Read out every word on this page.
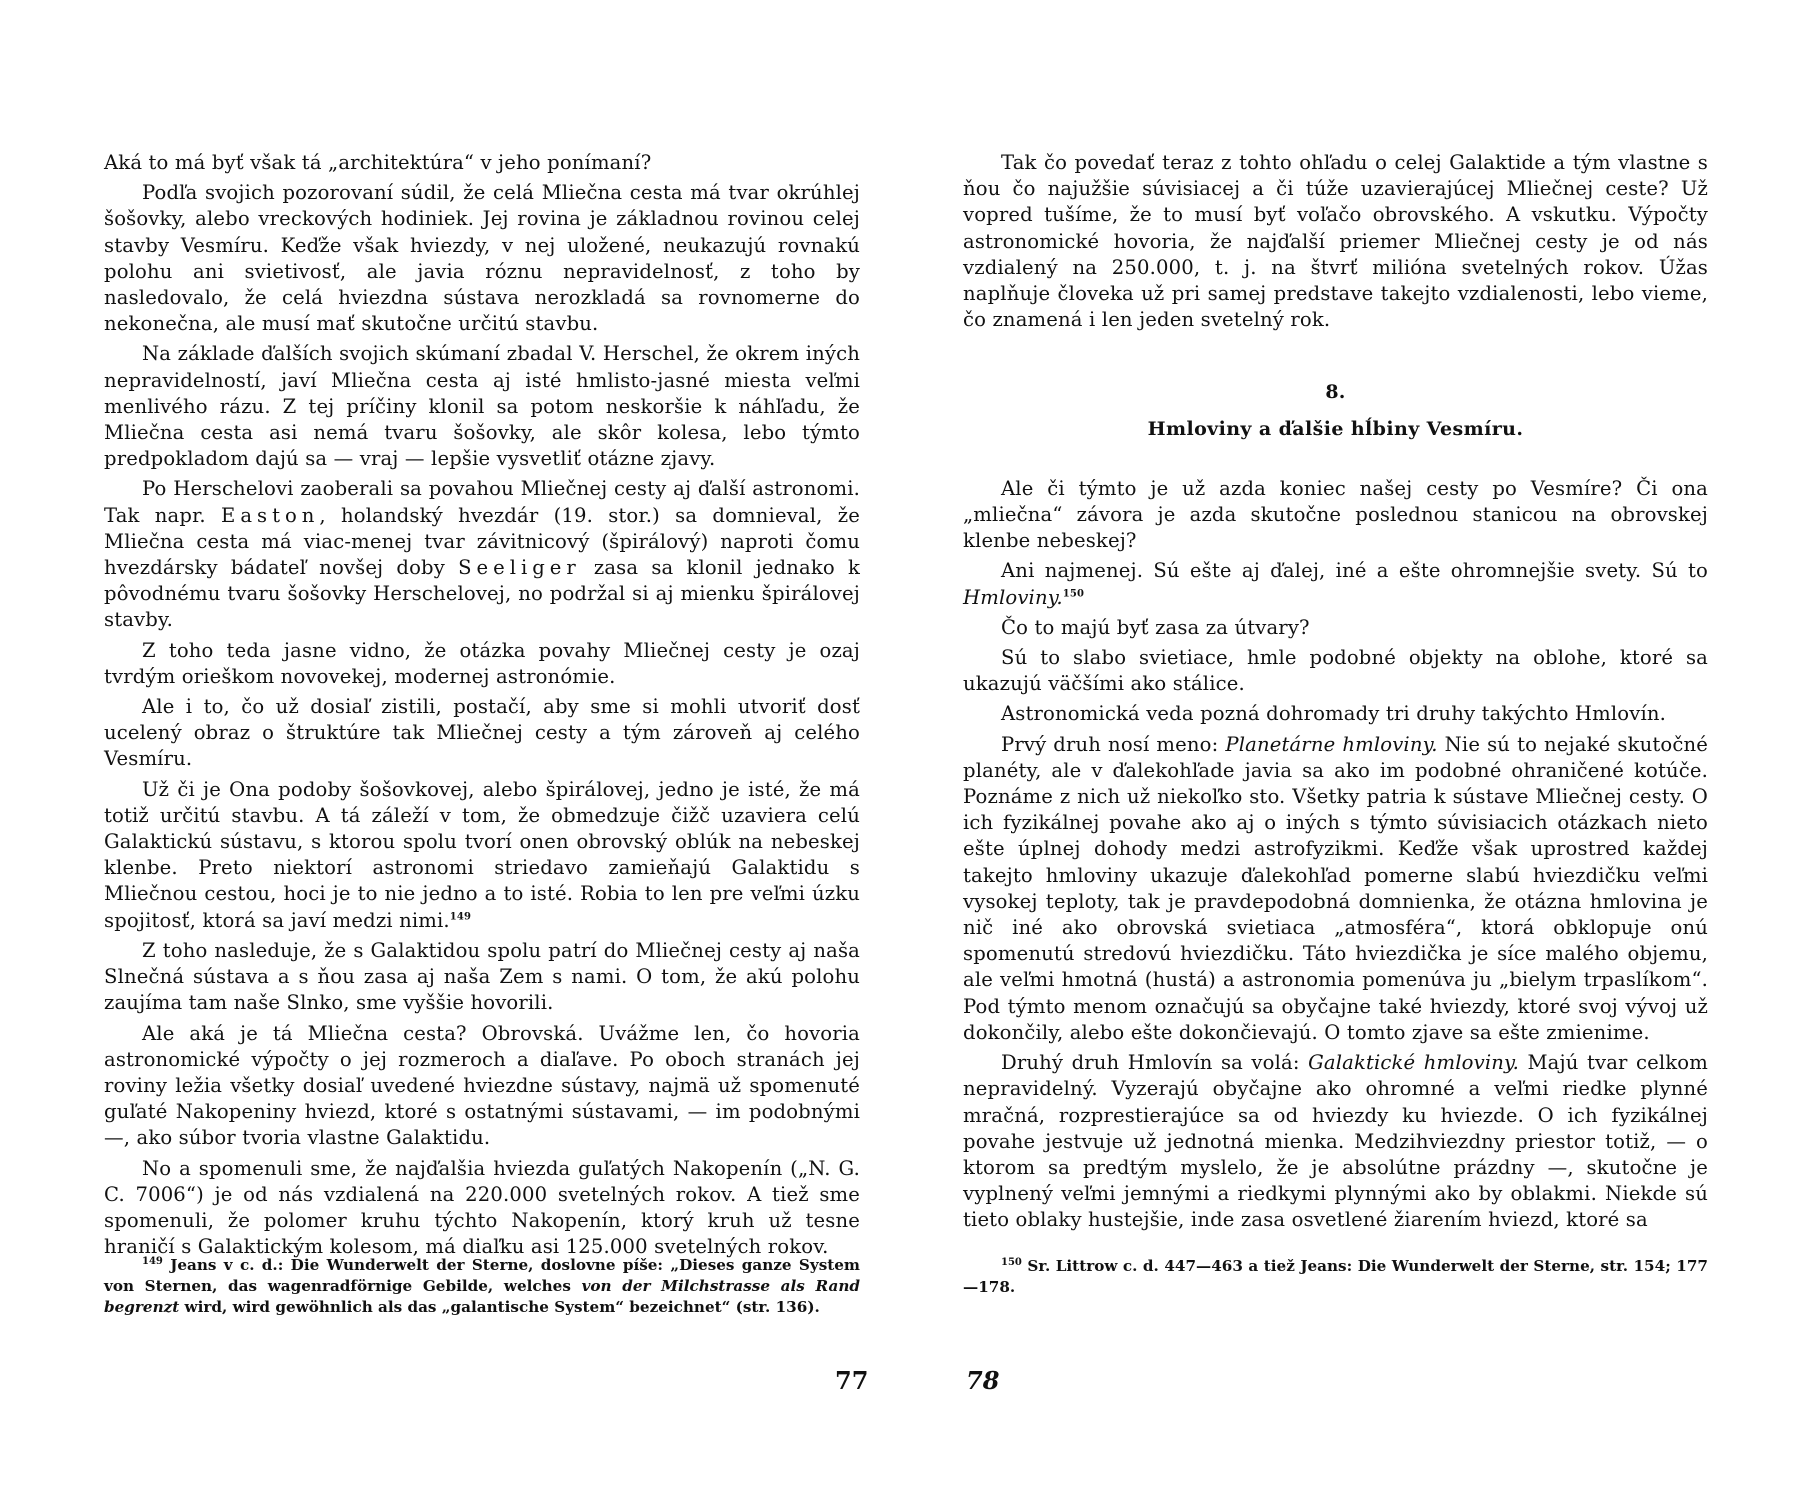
Aká to má byť však tá „architektúra“ v jeho ponímaní?

Podľa svojich pozorovaní súdil, že celá Mliečna cesta má tvar okrúhlej šošovky, alebo vreckových hodiniek. Jej rovina je základnou rovinou celej stavby Vesmíru. Keďže však hviezdy, v nej uložené, neukazujú rovnakú polohu ani svietivosť, ale javia róznu nepravidelnosť, z toho by nasledovalo, že celá hviezdna sústava nerozkladá sa rovnomerne do nekonečna, ale musí mať skutočne určitú stavbu.

Na základe ďalších svojich skúmaní zbadal V. Herschel, že okrem iných nepravidelností, javí Mliečna cesta aj isté hmlisto-jasné miesta veľmi menlivého rázu. Z tej príčiny klonil sa potom neskoršie k náhľadu, že Mliečna cesta asi nemá tvaru šošovky, ale skôr kolesa, lebo týmto predpokladom dajú sa — vraj — lepšie vysvetliť otázne zjavy.

Po Herschelovi zaoberali sa povahou Mliečnej cesty aj ďalší astronomi. Tak napr. Easton, holandský hvezdár (19. stor.) sa domnieval, že Mliečna cesta má viac-menej tvar závitnicový (špirálový) naproti čomu hvezdársky bádateľ novšej doby Seeliger zasa sa klonil jednako k pôvodnému tvaru šošovky Herschelovej, no podržal si aj mienku špirálovej stavby.

Z toho teda jasne vidno, že otázka povahy Mliečnej cesty je ozaj tvrdým orieškom novovekej, modernej astronómie.

Ale i to, čo už dosiaľ zistili, postačí, aby sme si mohli utvoriť dosť ucelený obraz o štruktúre tak Mliečnej cesty a tým zároveň aj celého Vesmíru.

Už či je Ona podoby šošovkovej, alebo špirálovej, jedno je isté, že má totiž určitú stavbu. A tá záleží v tom, že obmedzuje čižč uzaviera celú Galaktickú sústavu, s ktorou spolu tvorí onen obrovský oblúk na nebeskej klenbe. Preto niektorí astronomi striedavo zamieňajú Galaktidu s Mliečnou cestou, hoci je to nie jedno a to isté. Robia to len pre veľmi úzku spojitosť, ktorá sa javí medzi nimi.$^{149}$

Z toho nasleduje, že s Galaktidou spolu patrí do Mliečnej cesty aj naša Slnečná sústava a s ňou zasa aj naša Zem s nami. O tom, že akú polohu zaujíma tam naše Slnko, sme vyššie hovorili.

Ale aká je tá Mliečna cesta? Obrovská. Uvážme len, čo hovoria astronomické výpočty o jej rozmeroch a diaľave. Po oboch stranách jej roviny ležia všetky dosiaľ uvedené hviezdne sústavy, najmä už spomenuté guľaté Nakopeniny hviezd, ktoré s ostatnými sústavami, — im podobnými —, ako súbor tvoria vlastne Galaktidu.

No a spomenuli sme, že najďalšia hviezda guľatých Nakopenín („N. G. C. 7006“) je od nás vzdialená na 220.000 svetelných rokov. A tiež sme spomenuli, že polomer kruhu týchto Nakopenín, ktorý kruh už tesne hraničí s Galaktickým kolesom, má diaľku asi 125.000 svetelných rokov.

$^{149}$ Jeans v c. d.: Die Wunderwelt der Sterne, doslovne píše: „Dieses ganze System von Sternen, das wagenradförnige Gebilde, welches von der Milchstrasse als Rand begrenzt wird, wird gewöhnlich als das „galantische System“ bezeichnet“ (str. 136).

77

Tak čo povedať teraz z tohto ohľadu o celej Galaktide a tým vlastne s ňou čo najužšie súvisiacej a či túže uzavierajúcej Mliečnej ceste? Už vopred tušíme, že to musí byť voľačo obrovského. A vskutku. Výpočty astronomické hovoria, že najďalší priemer Mliečnej cesty je od nás vzdialený na 250.000, t. j. na štvrť milióna svetelných rokov. Úžas naplňuje človeka už pri samej predstave takejto vzdialenosti, lebo vieme, čo znamená i len jeden svetelný rok.

8.
Hmloviny a ďalšie hĺbiny Vesmíru.

Ale či týmto je už azda koniec našej cesty po Vesmíre? Či ona „mliečna“ závora je azda skutočne poslednou stanicou na obrovskej klenbe nebeskej?

Ani najmenej. Sú ešte aj ďalej, iné a ešte ohromnejšie svety. Sú to Hmloviny.$^{150}$

Čo to majú byť zasa za útvary?

Sú to slabo svietiace, hmle podobné objekty na oblohe, ktoré sa ukazujú väčšími ako stálice.

Astronomická veda pozná dohromady tri druhy takýchto Hmlovín.

Prvý druh nosí meno: Planetárne hmloviny. Nie sú to nejaké skutočné planéty, ale v ďalekohľade javia sa ako im podobné ohraničené kotúče. Poznáme z nich už niekoľko sto. Všetky patria k sústave Mliečnej cesty. O ich fyzikálnej povahe ako aj o iných s týmto súvisiacich otázkach nieto ešte úplnej dohody medzi astrofyzikmi. Keďže však uprostred každej takejto hmloviny ukazuje ďalekohľad pomerne slabú hviezdičku veľmi vysokej teploty, tak je pravdepodobná domnienka, že otázna hmlovina je nič iné ako obrovská svietiaca „atmosféra“, ktorá obklopuje onú spomenutú stredovú hviezdičku. Táto hviezdička je síce malého objemu, ale veľmi hmotná (hustá) a astronomia pomenúva ju „bielym trpaslíkom“. Pod týmto menom označujú sa obyčajne také hviezdy, ktoré svoj vývoj už dokončily, alebo ešte dokončievajú. O tomto zjave sa ešte zmienime.

Druhý druh Hmlovín sa volá: Galaktické hmloviny. Majú tvar celkom nepravidelný. Vyzerajú obyčajne ako ohromné a veľmi riedke plynné mračná, rozprestierajúce sa od hviezdy ku hviezde. O ich fyzikálnej povahe jestvuje už jednotná mienka. Medzihviezdny priestor totiž, — o ktorom sa predtým myslelo, že je absolútne prázdny —, skutočne je vyplnený veľmi jemnými a riedkymi plynnými ako by oblakmi. Niekde sú tieto oblaky hustejšie, inde zasa osvetlené žiarením hviezd, ktoré sa

$^{150}$ Sr. Littrow c. d. 447—463 a tiež Jeans: Die Wunderwelt der Sterne, str. 154; 177—178.

78
